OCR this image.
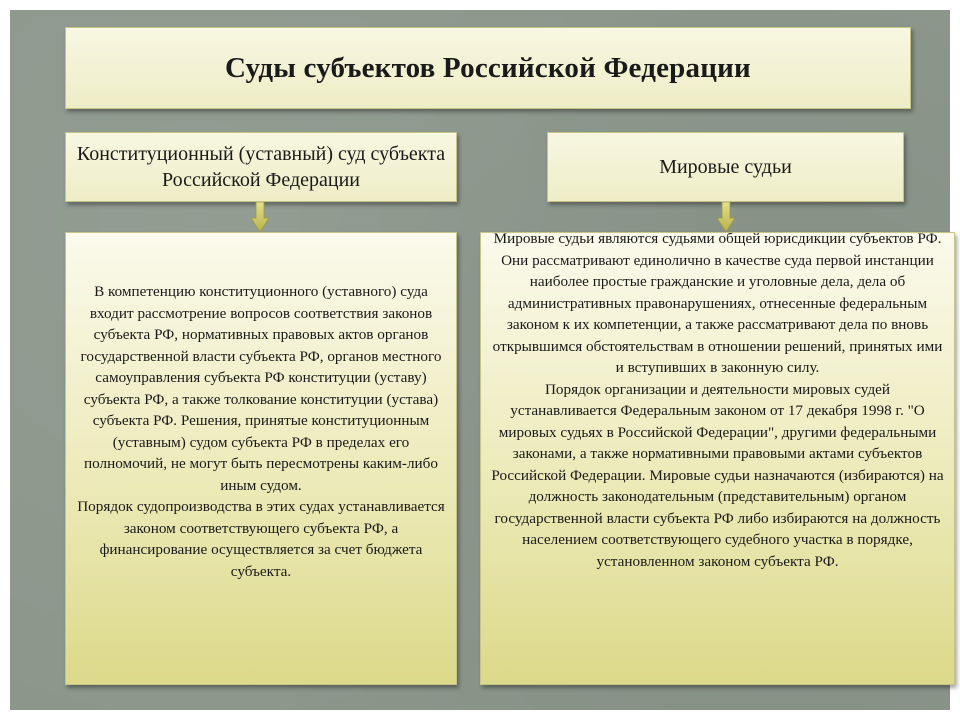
Суды субъектов Российской Федерации
Конституционный (уставный) суд субъекта Российской Федерации
Мировые судьи
В компетенцию конституционного (уставного) суда входит рассмотрение вопросов соответствия законов субъекта РФ, нормативных правовых актов органов государственной власти субъекта РФ, органов местного самоуправления субъекта РФ конституции (уставу) субъекта РФ, а также толкование конституции (устава) субъекта РФ. Решения, принятые конституционным (уставным) судом субъекта РФ в пределах его полномочий, не могут быть пересмотрены каким-либо иным судом.
Порядок судопроизводства в этих судах устанавливается законом соответствующего субъекта РФ, а финансирование осуществляется за счет бюджета субъекта.
Мировые судьи являются судьями общей юрисдикции субъектов РФ. Они рассматривают единолично в качестве суда первой инстанции наиболее простые гражданские и уголовные дела, дела об административных правонарушениях, отнесенные федеральным законом к их компетенции, а также рассматривают дела по вновь открывшимся обстоятельствам в отношении решений, принятых ими и вступивших в законную силу.
Порядок организации и деятельности мировых судей устанавливается Федеральным законом от 17 декабря 1998 г. "О мировых судьях в Российской Федерации", другими федеральными законами, а также нормативными правовыми актами субъектов Российской Федерации. Мировые судьи назначаются (избираются) на должность законодательным (представительным) органом государственной власти субъекта РФ либо избираются на должность населением соответствующего судебного участка в порядке, установленном законом субъекта РФ.
